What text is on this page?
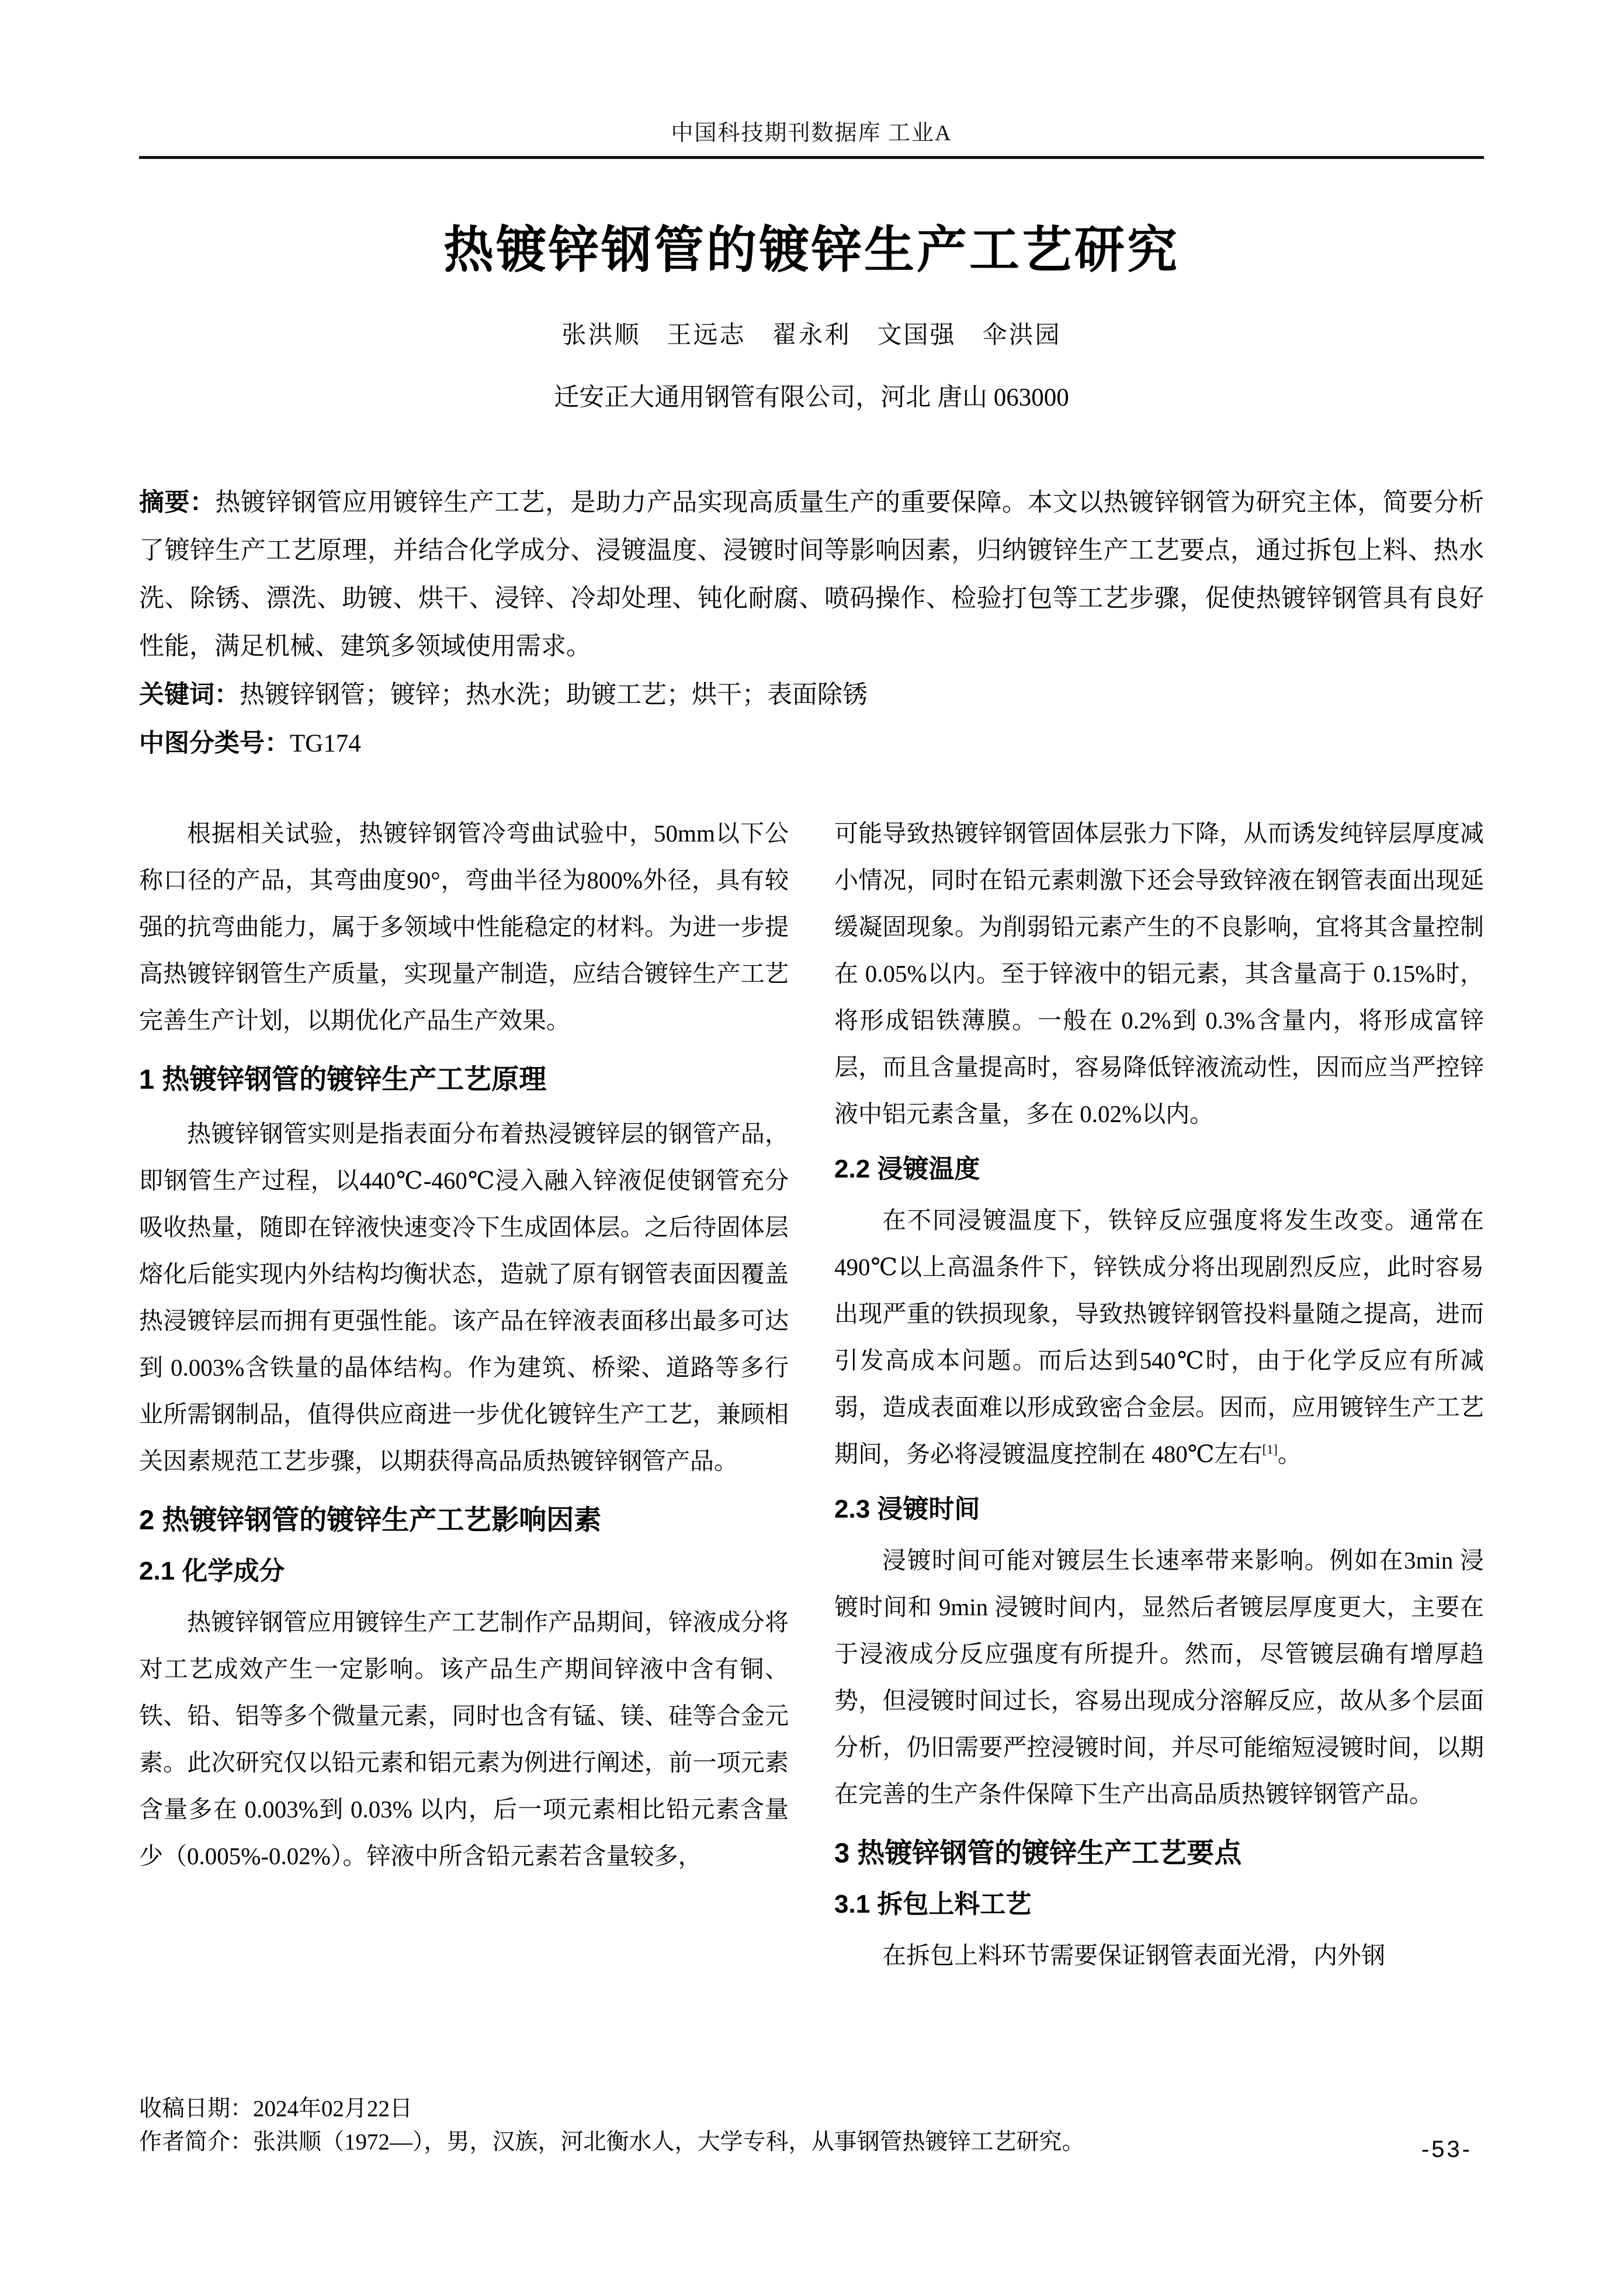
中国科技期刊数据库 工业A
热镀锌钢管的镀锌生产工艺研究
张洪顺　王远志　翟永利　文国强　伞洪园
迁安正大通用钢管有限公司，河北 唐山 063000
摘要：热镀锌钢管应用镀锌生产工艺，是助力产品实现高质量生产的重要保障。本文以热镀锌钢管为研究主体，简要分析了镀锌生产工艺原理，并结合化学成分、浸镀温度、浸镀时间等影响因素，归纳镀锌生产工艺要点，通过拆包上料、热水洗、除锈、漂洗、助镀、烘干、浸锌、冷却处理、钝化耐腐、喷码操作、检验打包等工艺步骤，促使热镀锌钢管具有良好性能，满足机械、建筑多领域使用需求。
关键词：热镀锌钢管；镀锌；热水洗；助镀工艺；烘干；表面除锈
中图分类号：TG174

根据相关试验，热镀锌钢管冷弯曲试验中，50mm以下公称口径的产品，其弯曲度90°，弯曲半径为800%外径，具有较强的抗弯曲能力，属于多领域中性能稳定的材料。为进一步提高热镀锌钢管生产质量，实现量产制造，应结合镀锌生产工艺完善生产计划，以期优化产品生产效果。

1 热镀锌钢管的镀锌生产工艺原理

热镀锌钢管实则是指表面分布着热浸镀锌层的钢管产品，即钢管生产过程，以440℃-460℃浸入融入锌液促使钢管充分吸收热量，随即在锌液快速变冷下生成固体层。之后待固体层熔化后能实现内外结构均衡状态，造就了原有钢管表面因覆盖热浸镀锌层而拥有更强性能。该产品在锌液表面移出最多可达到 0.003%含铁量的晶体结构。作为建筑、桥梁、道路等多行业所需钢制品，值得供应商进一步优化镀锌生产工艺，兼顾相关因素规范工艺步骤，以期获得高品质热镀锌钢管产品。

2 热镀锌钢管的镀锌生产工艺影响因素
2.1 化学成分

热镀锌钢管应用镀锌生产工艺制作产品期间，锌液成分将对工艺成效产生一定影响。该产品生产期间锌液中含有铜、铁、铅、铝等多个微量元素，同时也含有锰、镁、硅等合金元素。此次研究仅以铅元素和铝元素为例进行阐述，前一项元素含量多在 0.003%到 0.03% 以内，后一项元素相比铅元素含量少（0.005%-0.02%）。锌液中所含铅元素若含量较多，

可能导致热镀锌钢管固体层张力下降，从而诱发纯锌层厚度减小情况，同时在铅元素刺激下还会导致锌液在钢管表面出现延缓凝固现象。为削弱铅元素产生的不良影响，宜将其含量控制在 0.05%以内。至于锌液中的铝元素，其含量高于 0.15%时，将形成铝铁薄膜。一般在 0.2%到 0.3%含量内，将形成富锌层，而且含量提高时，容易降低锌液流动性，因而应当严控锌液中铝元素含量，多在 0.02%以内。

2.2 浸镀温度

在不同浸镀温度下，铁锌反应强度将发生改变。通常在 490℃以上高温条件下，锌铁成分将出现剧烈反应，此时容易出现严重的铁损现象，导致热镀锌钢管投料量随之提高，进而引发高成本问题。而后达到540℃时，由于化学反应有所减弱，造成表面难以形成致密合金层。因而，应用镀锌生产工艺期间，务必将浸镀温度控制在 480℃左右[1]。

2.3 浸镀时间

浸镀时间可能对镀层生长速率带来影响。例如在3min 浸镀时间和 9min 浸镀时间内，显然后者镀层厚度更大，主要在于浸液成分反应强度有所提升。然而，尽管镀层确有增厚趋势，但浸镀时间过长，容易出现成分溶解反应，故从多个层面分析，仍旧需要严控浸镀时间，并尽可能缩短浸镀时间，以期在完善的生产条件保障下生产出高品质热镀锌钢管产品。

3 热镀锌钢管的镀锌生产工艺要点
3.1 拆包上料工艺

在拆包上料环节需要保证钢管表面光滑，内外钢

收稿日期：2024年02月22日
作者简介：张洪顺（1972—），男，汉族，河北衡水人，大学专科，从事钢管热镀锌工艺研究。	-53-
